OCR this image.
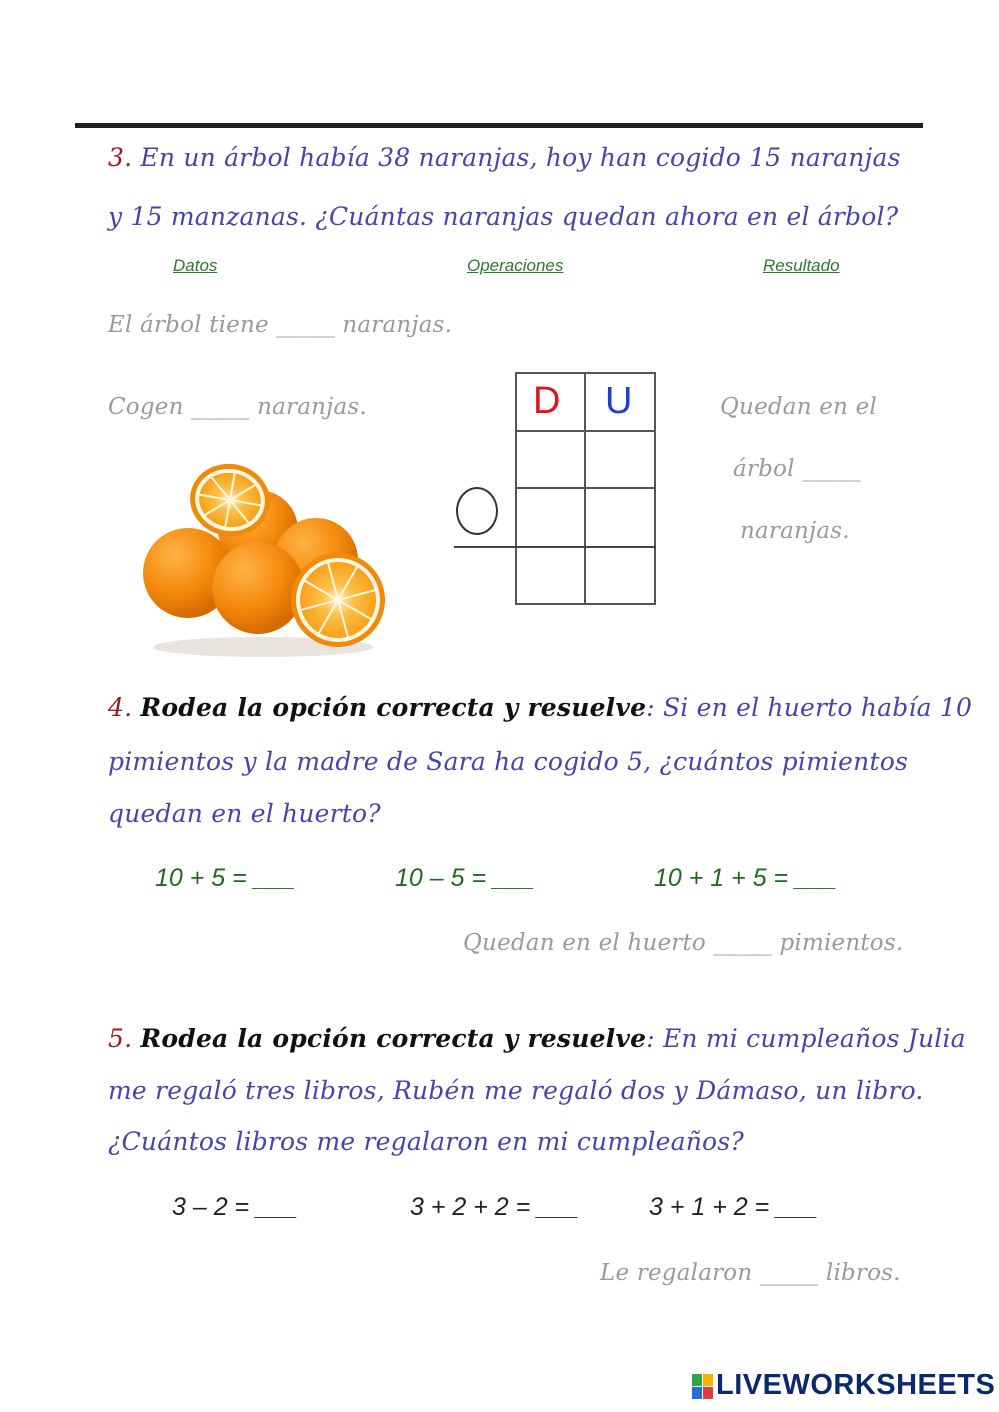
3. En un árbol había 38 naranjas, hoy han cogido 15 naranjas
y 15 manzanas. ¿Cuántas naranjas quedan ahora en el árbol?
Datos	Operaciones	Resultado
El árbol tiene _____ naranjas.
Cogen _____ naranjas.	D U	Quedan en el
árbol _____
naranjas.
4. Rodea la opción correcta y resuelve: Si en el huerto había 10
pimientos y la madre de Sara ha cogido 5, ¿cuántos pimientos
quedan en el huerto?
10 + 5 = ___	10 – 5 = ___	10 + 1 + 5 = ___
Quedan en el huerto _____ pimientos.
5. Rodea la opción correcta y resuelve: En mi cumpleaños Julia
me regaló tres libros, Rubén me regaló dos y Dámaso, un libro.
¿Cuántos libros me regalaron en mi cumpleaños?
3 – 2 = ___	3 + 2 + 2 = ___	3 + 1 + 2 = ___
Le regalaron _____ libros.
LIVEWORKSHEETS
